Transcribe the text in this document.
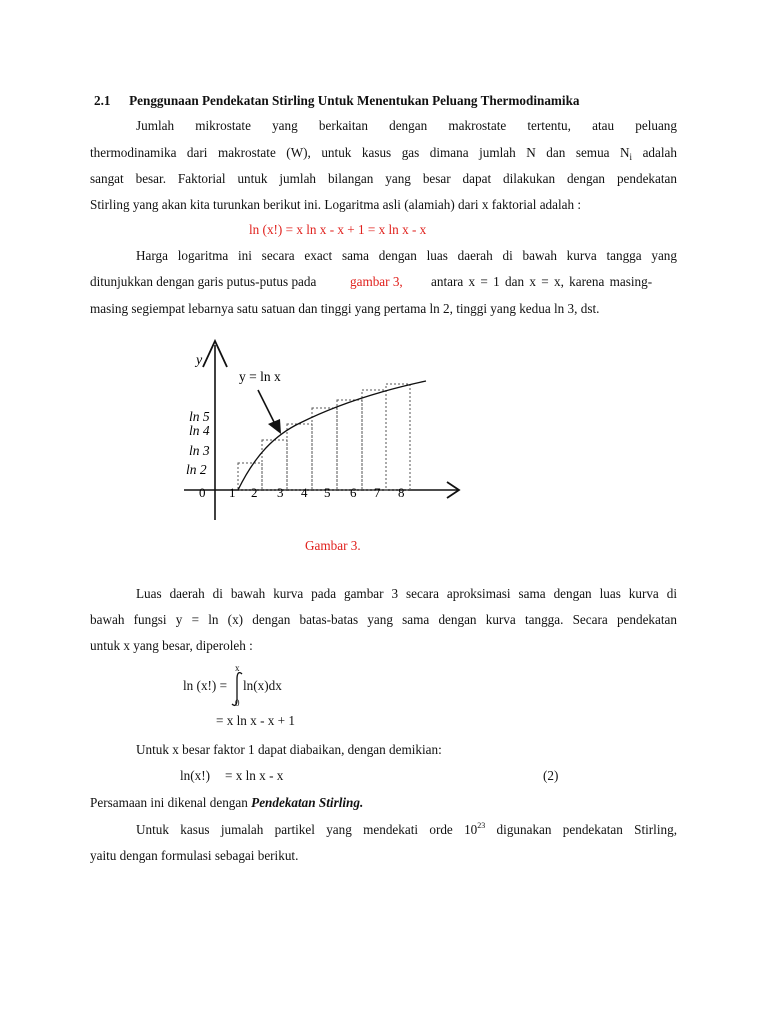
2.1 Penggunaan Pendekatan Stirling Untuk Menentukan Peluang Thermodinamika
Jumlah mikrostate yang berkaitan dengan makrostate tertentu, atau peluang
thermodinamika dari makrostate (W), untuk kasus gas dimana jumlah N dan semua $N_i$ adalah
sangat besar. Faktorial untuk jumlah bilangan yang besar dapat dilakukan dengan pendekatan
Stirling yang akan kita turunkan berikut ini. Logaritma asli (alamiah) dari x faktorial adalah :
ln (x!) = x ln x - x + 1 = x ln x - x
Harga logaritma ini secara exact sama dengan luas daerah di bawah kurva tangga yang
ditunjukkan dengan garis putus-putus pada	gambar 3, antara x = 1 dan x = x, karena masing-
masing segiempat lebarnya satu satuan dan tinggi yang pertama ln 2, tinggi yang kedua ln 3, dst.
y
y = ln x
ln 5
ln 4
ln 3
ln 2
0 1 2 3 4 5 6 7 8
Gambar 3.
Luas daerah di bawah kurva pada gambar 3 secara aproksimasi sama dengan luas kurva di
bawah fungsi y = ln (x) dengan batas-batas yang sama dengan kurva tangga. Secara pendekatan
untuk x yang besar, diperoleh :
ln (x!) =
x
0
ln(x)dx
= x ln x - x + 1
Untuk x besar faktor 1 dapat diabaikan, dengan demikian:
ln(x!) = x ln x - x	(2)
Persamaan ini dikenal dengan Pendekatan Stirling.
Untuk kasus jumalah partikel yang mendekati orde $10^{23}$ digunakan pendekatan Stirling,
yaitu dengan formulasi sebagai berikut.
